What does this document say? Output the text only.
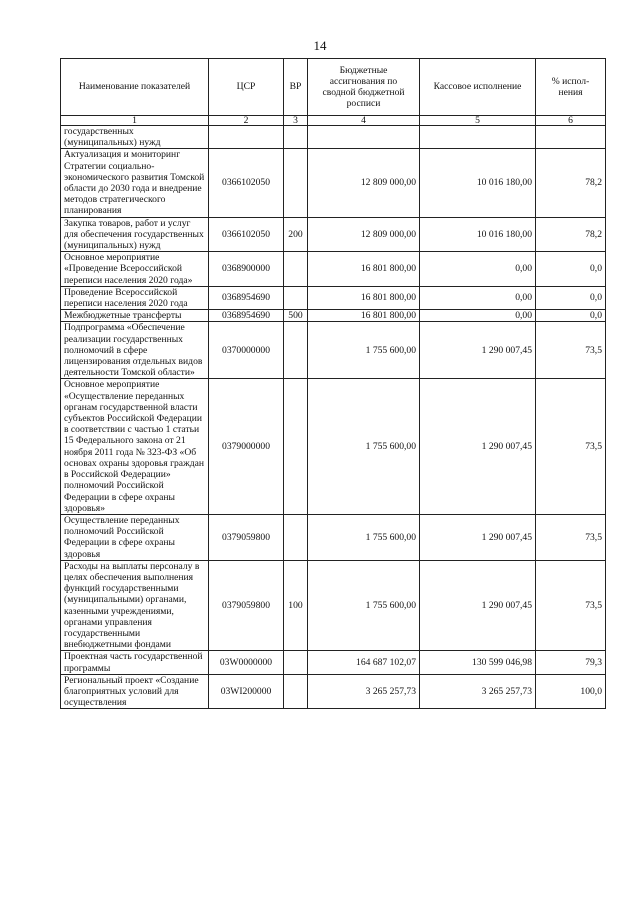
14
Наименование показателей	ЦСР	ВР	Бюджетные ассигнования по сводной бюджетной росписи	Кассовое исполнение	% испол-нения
1	2	3	4	5	6
государственных (муниципальных) нужд					
Актуализация и мониторинг Стратегии социально-экономического развития Томской области до 2030 года и внедрение методов стратегического планирования	0366102050		12 809 000,00	10 016 180,00	78,2
Закупка товаров, работ и услуг для обеспечения государственных (муниципальных) нужд	0366102050	200	12 809 000,00	10 016 180,00	78,2
Основное мероприятие «Проведение Всероссийской переписи населения 2020 года»	0368900000		16 801 800,00	0,00	0,0
Проведение Всероссийской переписи населения 2020 года	0368954690		16 801 800,00	0,00	0,0
Межбюджетные трансферты	0368954690	500	16 801 800,00	0,00	0,0
Подпрограмма «Обеспечение реализации государственных полномочий в сфере лицензирования отдельных видов деятельности Томской области»	0370000000		1 755 600,00	1 290 007,45	73,5
Основное мероприятие «Осуществление переданных органам государственной власти субъектов Российской Федерации в соответствии с частью 1 статьи 15 Федерального закона от 21 ноября 2011 года № 323-ФЗ «Об основах охраны здоровья граждан в Российской Федерации» полномочий Российской Федерации в сфере охраны здоровья»	0379000000		1 755 600,00	1 290 007,45	73,5
Осуществление переданных полномочий Российской Федерации в сфере охраны здоровья	0379059800		1 755 600,00	1 290 007,45	73,5
Расходы на выплаты персоналу в целях обеспечения выполнения функций государственными (муниципальными) органами, казенными учреждениями, органами управления государственными внебюджетными фондами	0379059800	100	1 755 600,00	1 290 007,45	73,5
Проектная часть государственной программы	03W0000000		164 687 102,07	130 599 046,98	79,3
Региональный проект «Создание благоприятных условий для осуществления	03WI200000		3 265 257,73	3 265 257,73	100,0
